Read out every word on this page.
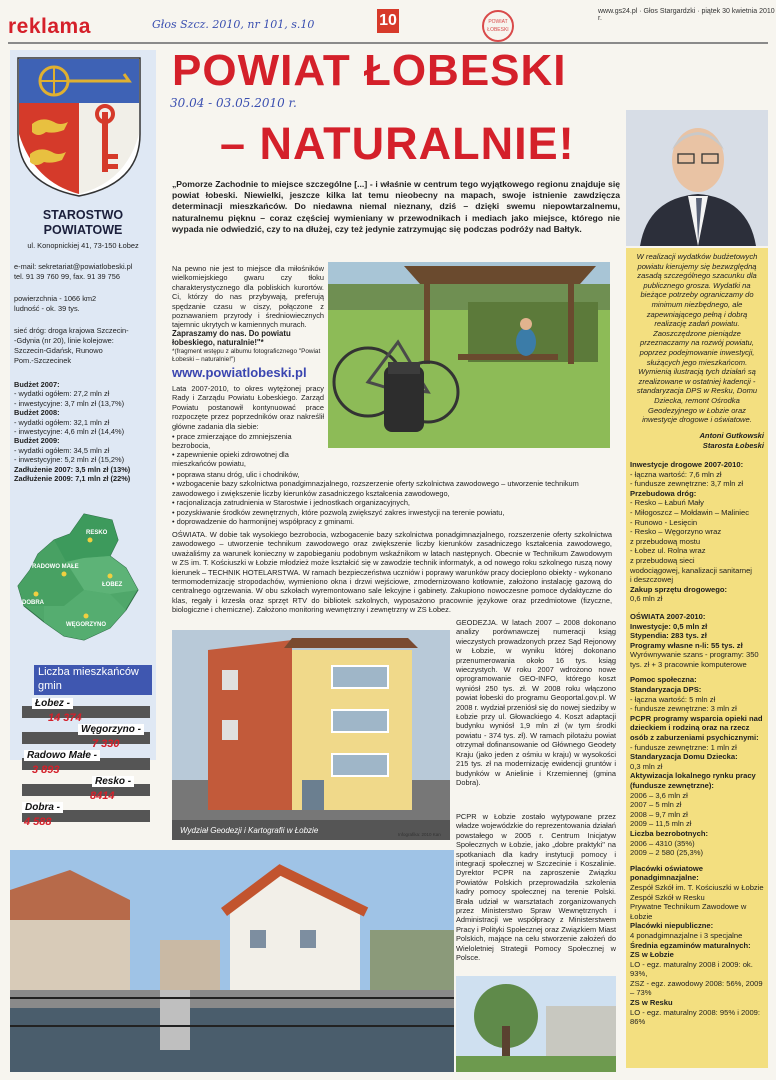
reklama	Głos Szcz. 2010, nr 101, s.10	10	POWIAT ŁOBESKI
www.gs24.pl · Głos Stargardzki · piątek 30 kwietnia 2010 r.
STAROSTWO
POWIATOWE
ul. Konopnickiej 41, 73-150 Łobez
e-mail: sekretariat@powiatlobeski.pl
tel. 91 39 760 99, fax. 91 39 756
powierzchnia - 1066 km2
ludność - ok. 39 tys.
sieć dróg: droga krajowa Szczecin-
-Gdynia (nr 20), linie kolejowe:
Szczecin-Gdańsk, Runowo
Pom.-Szczecinek
Budżet 2007:
- wydatki ogółem: 27,2 mln zł
- inwestycyjne: 3,7 mln zł (13,7%)
Budżet 2008:
- wydatki ogółem: 32,1 mln zł
- inwestycyjne: 4,6 mln zł (14,4%)
Budżet 2009:
- wydatki ogółem: 34,5 mln zł
- inwestycyjne: 5,2 mln zł (15,2%)
Zadłużenie 2007: 3,5 mln zł (13%)
Zadłużenie 2009: 7,1 mln zł (22%)
RESKO
RADOWO MAŁE
ŁOBEZ
DOBRA
WĘGORZYNO
Liczba mieszkańców
gmin
Łobez -
14 374
Węgorzyno -
7 330
Radowo Małe -
3 893
Resko -
8414
Dobra -
4 588
POWIAT ŁOBESKI
30.04 - 03.05.2010 r.
– NATURALNIE!
„Pomorze Zachodnie to miejsce szczególne [...] - i właśnie w centrum tego wyjątkowego regionu znajduje się powiat łobeski. Niewielki, jeszcze kilka lat temu nieobecny na mapach, swoje istnienie zawdzięcza determinacji mieszkańców. Do niedawna niemal nieznany, dziś – dzięki swemu niepowtarzalnemu, naturalnemu pięknu – coraz częściej wymieniany w przewodnikach i mediach jako miejsce, którego nie wypada nie odwiedzić, czy to na dłużej, czy też jedynie zatrzymując się podczas podróży nad Bałtyk.
Na pewno nie jest to miejsce dla miłośników wielkomiejskiego gwaru czy tłoku charakterystycznego dla pobliskich kurortów. Ci, którzy do nas przybywają, preferują spędzanie czasu w ciszy, połączone z poznawaniem przyrody i średniowiecznych tajemnic ukrytych w kamiennych murach.
Zapraszamy do nas. Do powiatu łobeskiego, naturalnie!"*
*(fragment wstępu z albumu fotograficznego "Powiat Łobeski – naturalnie!")
www.powiatlobeski.pl
Lata 2007-2010, to okres wytężonej pracy Rady i Zarządu Powiatu Łobeskiego. Zarząd Powiatu postanowił kontynuować prace rozpoczęte przez poprzedników oraz nakreślił główne zadania dla siebie:
• prace zmierzające do zmniejszenia bezrobocia,
• zapewnienie opieki zdrowotnej dla mieszkańców powiatu,
• poprawa stanu dróg, ulic i chodników,
• wzbogacenie bazy szkolnictwa ponadgimnazjalnego, rozszerzenie oferty szkolnictwa zawodowego – utworzenie technikum zawodowego i zwiększenie liczby kierunków zasadniczego kształcenia zawodowego,
• racjonalizacja zatrudnienia w Starostwie i jednostkach organizacyjnych,
• pozyskiwanie środków zewnętrznych, które pozwolą zwiększyć zakres inwestycji na terenie powiatu,
• doprowadzenie do harmonijnej współpracy z gminami.
OŚWIATA. W dobie tak wysokiego bezrobocia, wzbogacenie bazy szkolnictwa ponadgimnazjalnego, rozszerzenie oferty szkolnictwa zawodowego – utworzenie technikum zawodowego oraz zwiększenie liczby kierunków zasadniczego kształcenia zawodowego, uważaliśmy za warunek konieczny w zapobieganiu podobnym wskaźnikom w latach następnych. Obecnie w Technikum Zawodowym w ZS im. T. Kościuszki w Łobzie młodzież może kształcić się w zawodzie technik informatyk, a od nowego roku szkolnego ruszą nowy kierunek – TECHNIK HOTELARSTWA. W ramach bezpieczeństwa uczniów i poprawy warunków pracy docieplono obiekty - wykonano termomodernizację stropodachów, wymieniono okna i drzwi wejściowe, zmodernizowano kotłownie, założono instalację gazową do centralnego ogrzewania. W obu szkołach wyremontowano sale lekcyjne i gabinety. Zakupiono nowoczesne pomoce dydaktyczne do klas, regały i krzesła oraz sprzęt RTV do bibliotek szkolnych, wyposażono pracownie językowe oraz przedmiotowe (fizyczne, biologiczne i chemiczne). Założono monitoring wewnętrzny i zewnętrzny w ZS Łobez.
Wydział Geodezji i Kartografii w Łobzie	Infografika: 2010 Kan
GEODEZJA. W latach 2007 – 2008 dokonano analizy porównawczej numeracji ksiąg wieczystych prowadzonych przez Sąd Rejonowy w Łobzie, w wyniku której dokonano przenumerowania około 16 tys. ksiąg wieczystych. W roku 2007 wdrożono nowe oprogramowanie GEO-INFO, którego koszt wyniósł 250 tys. zł. W 2008 roku włączono powiat łobeski do programu Geoportal.gov.pl. W 2008 r. wydział przeniósł się do nowej siedziby w Łobzie przy ul. Głowackiego 4. Koszt adaptacji budynku wyniósł 1,9 mln zł (w tym środki powiatu - 374 tys. zł). W ramach pilotażu powiat otrzymał dofinansowanie od Głównego Geodety Kraju (jako jeden z ośmiu w kraju) w wysokości 215 tys. zł na modernizację ewidencji gruntów i budynków w Anielinie i Krzemiennej (gmina Dobra).
PCPR w Łobzie zostało wytypowane przez władze wojewódzkie do reprezentowania działań powstałego w 2005 r. Centrum Inicjatyw Społecznych w Łobzie, jako „dobre praktyki" na spotkaniach dla kadry instytucji pomocy i integracji społecznej w Szczecinie i Koszalinie. Dyrektor PCPR na zaproszenie Związku Powiatów Polskich przeprowadziła szkolenia kadry pomocy społecznej na terenie Polski. Brała udział w warsztatach zorganizowanych przez Ministerstwo Spraw Wewnętrznych i Administracji we współpracy z Ministerstwem Pracy i Polityki Społecznej oraz Związkiem Miast Polskich, mające na celu stworzenie założeń do Wieloletniej Strategii Pomocy Społecznej w Polsce.
W realizacji wydatków budżetowych powiatu kierujemy się bezwzględną zasadą szczególnego szacunku dla publicznego grosza. Wydatki na bieżące potrzeby ograniczamy do minimum niezbędnego, ale zapewniającego pełną i dobrą realizację zadań powiatu. Zaoszczędzone pieniądze przeznaczamy na rozwój powiatu, poprzez podejmowanie inwestycji, służących jego mieszkańcom. Wymienią ilustracją tych działań są zrealizowane w ostatniej kadencji - standaryzacja DPS w Resku, Domu Dziecka, remont Ośrodka Geodezyjnego w Łobzie oraz inwestycje drogowe i oświatowe.
Antoni Gutkowski
Starosta Łobeski
Inwestycje drogowe 2007-2010:
- łączna wartość: 7,6 mln zł
- fundusze zewnętrzne: 3,7 mln zł
Przebudowa dróg:
- Resko – Łabuń Mały
- Miłogoszcz – Mołdawin – Maliniec
- Runowo - Lesięcin
- Resko – Węgorzyno wraz
z przebudową mostu
- Łobez ul. Rolna wraz
z przebudową sieci
wodociągowej, kanalizacji sanitarnej
i deszczowej
Zakup sprzętu drogowego:
0,6 mln zł
OŚWIATA 2007-2010:
Inwestycje: 0,5 mln zł
Stypendia: 283 tys. zł
Programy własne n-li: 55 tys. zł
Wyrównywanie szans - programy: 350 tys. zł + 3 pracownie komputerowe
Pomoc społeczna:
Standaryzacja DPS:
- łączna wartość: 5 mln zł
- fundusze zewnętrzne: 3 mln zł
PCPR programy wsparcia opieki nad dzieckiem i rodziną oraz na rzecz osób z zaburzeniami psychicznymi:
- fundusze zewnętrzne: 1 mln zł
Standaryzacja Domu Dziecka:
0,3 mln zł
Aktywizacja lokalnego rynku pracy (fundusze zewnętrzne):
2006 – 3,6 mln zł
2007 – 5 mln zł
2008 – 9,7 mln zł
2009 – 11,5 mln zł
Liczba bezrobotnych:
2006 – 4310 (35%)
2009 – 2 580 (25,3%)
Placówki oświatowe ponadgimnazjalne:
Zespół Szkół im. T. Kościuszki w Łobzie
Zespół Szkół w Resku
Prywatne Technikum Zawodowe w Łobzie
Placówki niepubliczne:
4 ponadgimnazjalne i 3 specjalne
Średnia egzaminów maturalnych:
ZS w Łobzie
LO - egz. maturalny 2008 i 2009: ok. 93%,
ZSZ - egz. zawodowy 2008: 56%, 2009 – 73%
ZS w Resku
LO - egz. maturalny 2008: 95% i 2009: 86%
